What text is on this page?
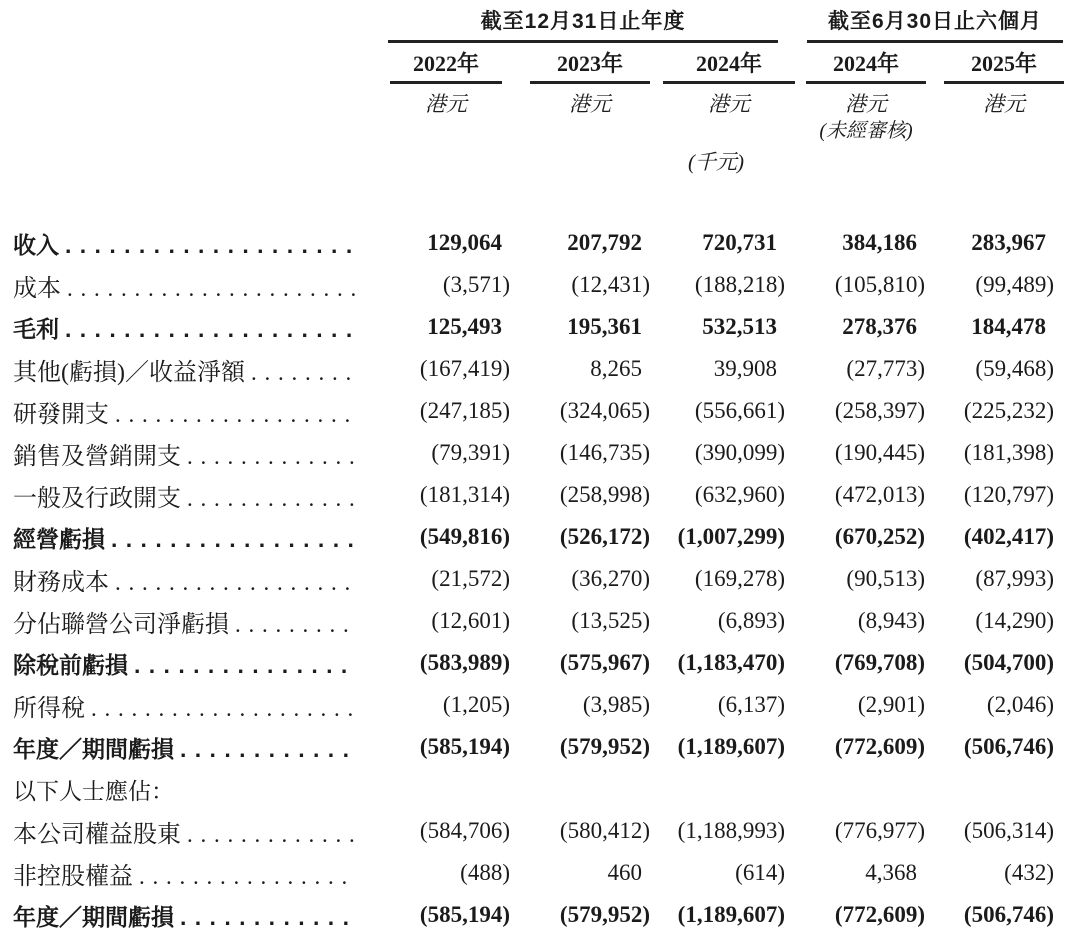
截至12月31日止年度	截至6月30日止六個月
2022年	2023年	2024年	2024年	2025年
港元	港元	港元	港元	港元
(未經審核)
(千元)
收入 . . .	129,064	207,792	720,731	384,186	283,967
成本 . . .	(3,571)	(12,431)	(188,218)	(105,810)	(99,489)
毛利 . . .	125,493	195,361	532,513	278,376	184,478
其他(虧損)／收益淨額 . . .	(167,419)	8,265	39,908	(27,773)	(59,468)
研發開支 . . .	(247,185)	(324,065)	(556,661)	(258,397)	(225,232)
銷售及營銷開支 . . .	(79,391)	(146,735)	(390,099)	(190,445)	(181,398)
一般及行政開支 . . .	(181,314)	(258,998)	(632,960)	(472,013)	(120,797)
經營虧損 . . .	(549,816)	(526,172)	(1,007,299)	(670,252)	(402,417)
財務成本 . . .	(21,572)	(36,270)	(169,278)	(90,513)	(87,993)
分佔聯營公司淨虧損 . . .	(12,601)	(13,525)	(6,893)	(8,943)	(14,290)
除稅前虧損 . . .	(583,989)	(575,967)	(1,183,470)	(769,708)	(504,700)
所得稅 . . .	(1,205)	(3,985)	(6,137)	(2,901)	(2,046)
年度／期間虧損 . . .	(585,194)	(579,952)	(1,189,607)	(772,609)	(506,746)
以下人士應佔：
本公司權益股東 . . .	(584,706)	(580,412)	(1,188,993)	(776,977)	(506,314)
非控股權益 . . .	(488)	460	(614)	4,368	(432)
年度／期間虧損 . . .	(585,194)	(579,952)	(1,189,607)	(772,609)	(506,746)
